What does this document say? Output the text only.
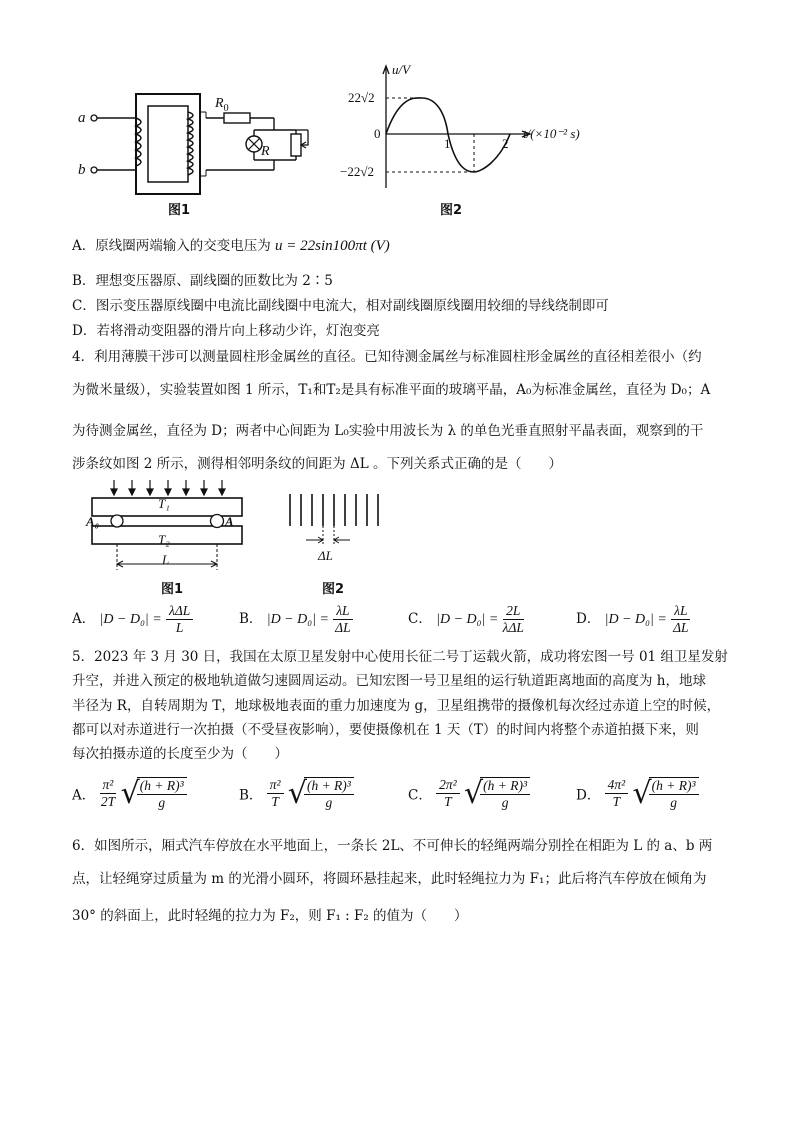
a
b
$R_0$
R
图1
u/V
22√2
0
−22√2
1	2
t/(×10⁻² s)
图2
A．原线圈两端输入的交变电压为 u = 22sin100πt (V)
B．理想变压器原、副线圈的匝数比为 2∶5
C．图示变压器原线圈中电流比副线圈中电流大，相对副线圈原线圈用较细的导线绕制即可
D．若将滑动变阻器的滑片向上移动少许，灯泡变亮
4．利用薄膜干涉可以测量圆柱形金属丝的直径。已知待测金属丝与标准圆柱形金属丝的直径相差很小（约
为微米量级），实验装置如图 1 所示，T₁和T₂是具有标准平面的玻璃平晶，A₀为标准金属丝，直径为 D₀；A
为待测金属丝，直径为 D；两者中心间距为 L₀实验中用波长为 λ 的单色光垂直照射平晶表面，观察到的干
涉条纹如图 2 所示，测得相邻明条纹的间距为 ΔL 。下列关系式正确的是（　　）
T₁
T₂
A₀	A
L
图1
ΔL
图2
A． $|D - D_0| = \frac{\text{λΔL}}{L}$	B． $|D - D_0| = \frac{\lambda L}{\Delta L}$	C． $|D - D_0| = \frac{2L}{\text{λΔL}}$	D． $|D - D_0| = \frac{\lambda L}{\Delta L}$
5．2023 年 3 月 30 日，我国在太原卫星发射中心使用长征二号丁运载火箭，成功将宏图一号 01 组卫星发射
升空，并进入预定的极地轨道做匀速圆周运动。已知宏图一号卫星组的运行轨道距离地面的高度为 h，地球
半径为 R，自转周期为 T，地球极地表面的重力加速度为 g，卫星组携带的摄像机每次经过赤道上空的时候，
都可以对赤道进行一次拍摄（不受昼夜影响），要使摄像机在 1 天（T）的时间内将整个赤道拍摄下来，则
每次拍摄赤道的长度至少为（　　）
A． $\frac{\text{π²}}{2T}$ √
$\frac{\text{(h + R)³}}{g}$	B． $\frac{\text{π²}}{T}$ √
$\frac{\text{(h + R)³}}{g}$	C． $\frac{\text{2π²}}{T}$ √
$\frac{\text{(h + R)³}}{g}$	D． $\frac{\text{4π²}}{T}$ √
$\frac{\text{(h + R)³}}{g}$
6．如图所示，厢式汽车停放在水平地面上，一条长 2L、不可伸长的轻绳两端分别拴在相距为 L 的 a、b 两
点，让轻绳穿过质量为 m 的光滑小圆环，将圆环悬挂起来，此时轻绳拉力为 F₁；此后将汽车停放在倾角为
30° 的斜面上，此时轻绳的拉力为 F₂，则 F₁ : F₂ 的值为（　　）
